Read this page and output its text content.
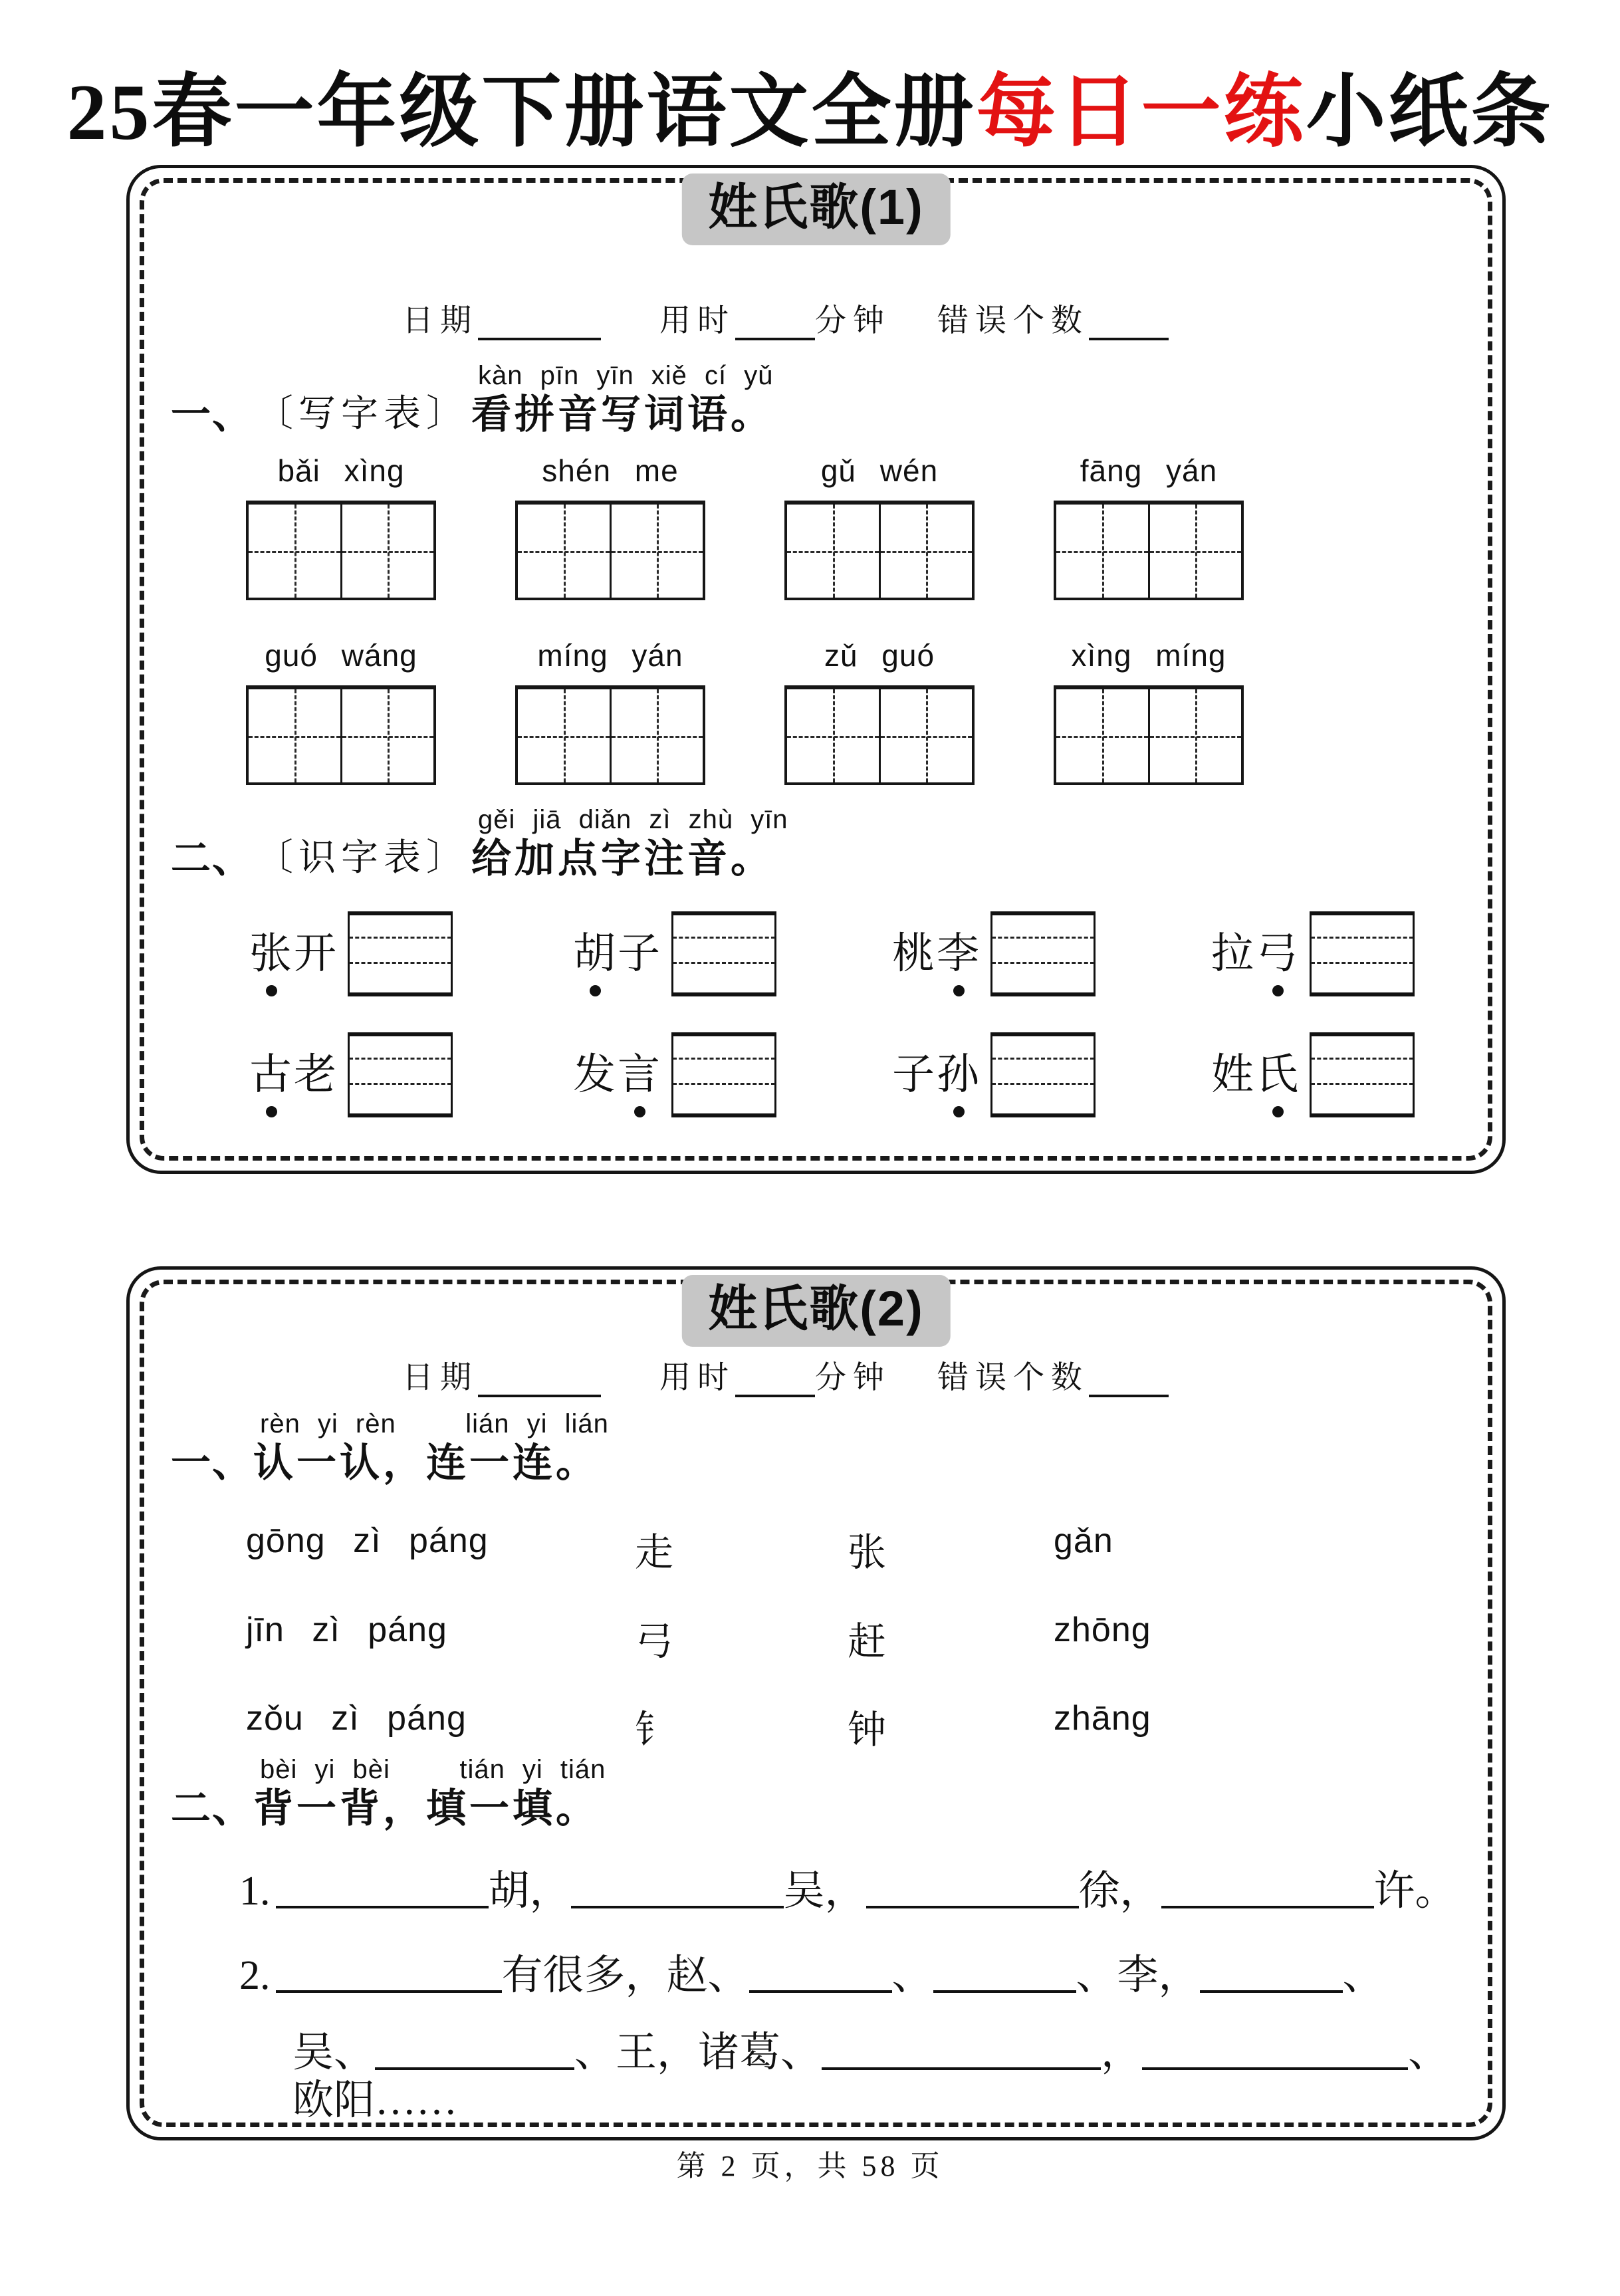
25春一年级下册语文全册每日一练小纸条
姓氏歌(1)
日期	用时	分钟 错误个数
一、 〔写字表〕
kàn pīn yīn xiě cí yǔ
看拼音写词语。
bǎi xìng	shén me	gǔ wén	fāng yán
guó wáng	míng yán	zǔ guó	xìng míng
二、 〔识字表〕
gěi jiā diǎn zì zhù yīn
给加点字注音。
张 开	胡 子	桃 李	拉 弓
古 老	发 言	子 孙	姓 氏
姓氏歌(2)
日期	用时	分钟 错误个数
一、
rèn yi rèn    lián yi lián
认一认，连一连。
gōng zì páng	走	张	gǎn
jīn zì páng	弓	赶	zhōng
zǒu zì páng	钅	钟	zhāng
二、
bèi yi bèi    tián yi tián
背一背，填一填。
1.	胡，	吴，	徐，	许。
2.	有很多，赵、	、	、李，	、
吴、	、王，诸葛、	，	、
欧阳……
第 2 页，共 58 页
